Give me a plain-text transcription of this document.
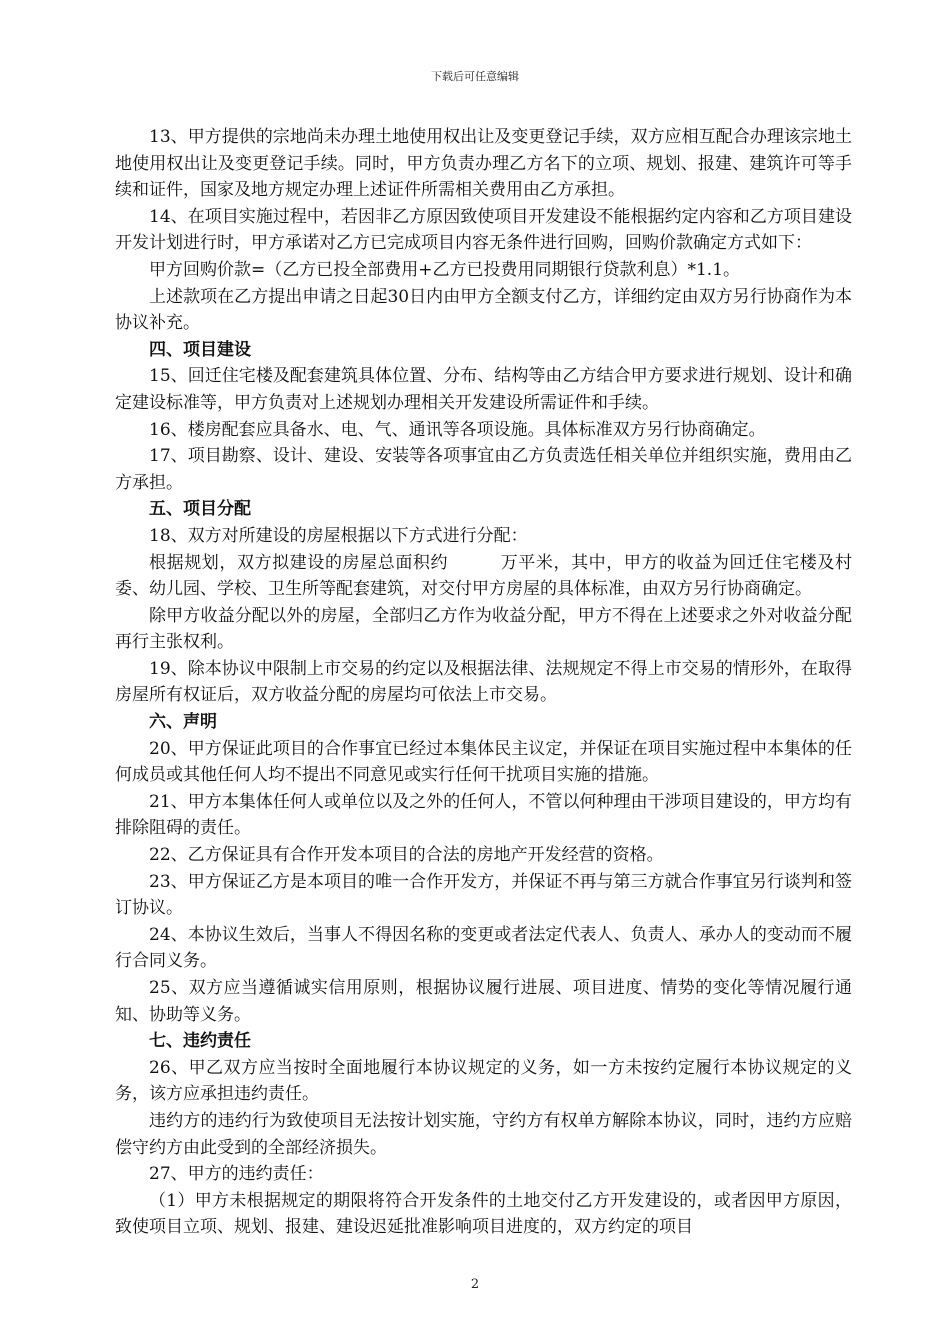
下载后可任意编辑

13、甲方提供的宗地尚未办理土地使用权出让及变更登记手续，双方应相互配合办理该宗地土地使用权出让及变更登记手续。同时，甲方负责办理乙方名下的立项、规划、报建、建筑许可等手续和证件，国家及地方规定办理上述证件所需相关费用由乙方承担。

14、在项目实施过程中，若因非乙方原因致使项目开发建设不能根据约定内容和乙方项目建设开发计划进行时，甲方承诺对乙方已完成项目内容无条件进行回购，回购价款确定方式如下：

甲方回购价款=（乙方已投全部费用+乙方已投费用同期银行贷款利息）*1.1。

上述款项在乙方提出申请之日起30日内由甲方全额支付乙方，详细约定由双方另行协商作为本协议补充。

四、项目建设

15、回迁住宅楼及配套建筑具体位置、分布、结构等由乙方结合甲方要求进行规划、设计和确定建设标准等，甲方负责对上述规划办理相关开发建设所需证件和手续。

16、楼房配套应具备水、电、气、通讯等各项设施。具体标准双方另行协商确定。

17、项目勘察、设计、建设、安装等各项事宜由乙方负责选任相关单位并组织实施，费用由乙方承担。

五、项目分配

18、双方对所建设的房屋根据以下方式进行分配：

根据规划，双方拟建设的房屋总面积约	万平米，其中，甲方的收益为回迁住宅楼及村委、幼儿园、学校、卫生所等配套建筑，对交付甲方房屋的具体标准，由双方另行协商确定。

除甲方收益分配以外的房屋，全部归乙方作为收益分配，甲方不得在上述要求之外对收益分配再行主张权利。

19、除本协议中限制上市交易的约定以及根据法律、法规规定不得上市交易的情形外，在取得房屋所有权证后，双方收益分配的房屋均可依法上市交易。

六、声明

20、甲方保证此项目的合作事宜已经过本集体民主议定，并保证在项目实施过程中本集体的任何成员或其他任何人均不提出不同意见或实行任何干扰项目实施的措施。

21、甲方本集体任何人或单位以及之外的任何人，不管以何种理由干涉项目建设的，甲方均有排除阻碍的责任。

22、乙方保证具有合作开发本项目的合法的房地产开发经营的资格。

23、甲方保证乙方是本项目的唯一合作开发方，并保证不再与第三方就合作事宜另行谈判和签订协议。

24、本协议生效后，当事人不得因名称的变更或者法定代表人、负责人、承办人的变动而不履行合同义务。

25、双方应当遵循诚实信用原则，根据协议履行进展、项目进度、情势的变化等情况履行通知、协助等义务。

七、违约责任

26、甲乙双方应当按时全面地履行本协议规定的义务，如一方未按约定履行本协议规定的义务，该方应承担违约责任。

违约方的违约行为致使项目无法按计划实施，守约方有权单方解除本协议，同时，违约方应赔偿守约方由此受到的全部经济损失。

27、甲方的违约责任：

（1）甲方未根据规定的期限将符合开发条件的土地交付乙方开发建设的，或者因甲方原因，致使项目立项、规划、报建、建设迟延批准影响项目进度的，双方约定的项目

2
